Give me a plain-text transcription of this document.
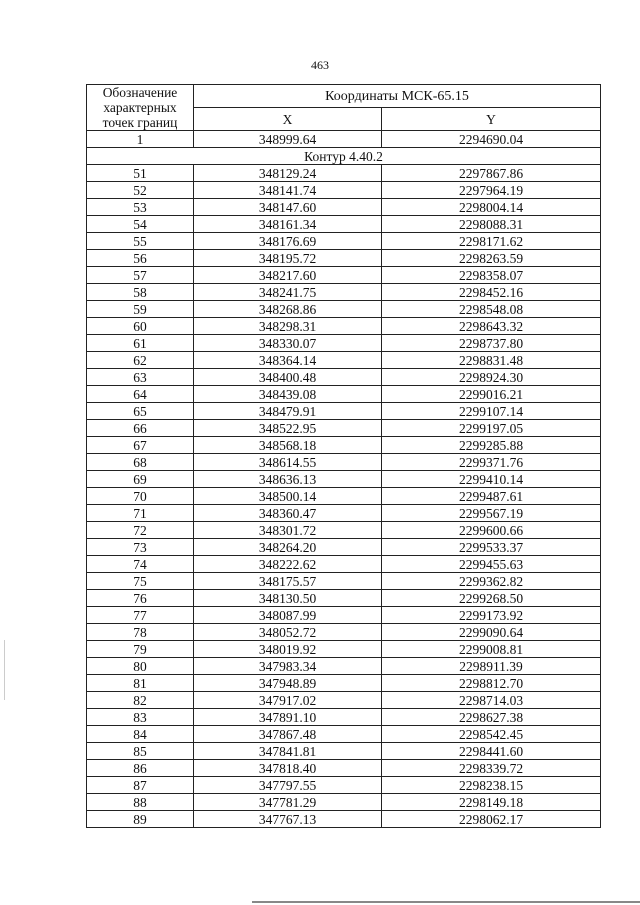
463
Обозначение
характерных
точек границ	Координаты МСК-65.15	
	X	Y
1	348999.64	2294690.04
Контур 4.40.2		
51	348129.24	2297867.86
52	348141.74	2297964.19
53	348147.60	2298004.14
54	348161.34	2298088.31
55	348176.69	2298171.62
56	348195.72	2298263.59
57	348217.60	2298358.07
58	348241.75	2298452.16
59	348268.86	2298548.08
60	348298.31	2298643.32
61	348330.07	2298737.80
62	348364.14	2298831.48
63	348400.48	2298924.30
64	348439.08	2299016.21
65	348479.91	2299107.14
66	348522.95	2299197.05
67	348568.18	2299285.88
68	348614.55	2299371.76
69	348636.13	2299410.14
70	348500.14	2299487.61
71	348360.47	2299567.19
72	348301.72	2299600.66
73	348264.20	2299533.37
74	348222.62	2299455.63
75	348175.57	2299362.82
76	348130.50	2299268.50
77	348087.99	2299173.92
78	348052.72	2299090.64
79	348019.92	2299008.81
80	347983.34	2298911.39
81	347948.89	2298812.70
82	347917.02	2298714.03
83	347891.10	2298627.38
84	347867.48	2298542.45
85	347841.81	2298441.60
86	347818.40	2298339.72
87	347797.55	2298238.15
88	347781.29	2298149.18
89	347767.13	2298062.17
